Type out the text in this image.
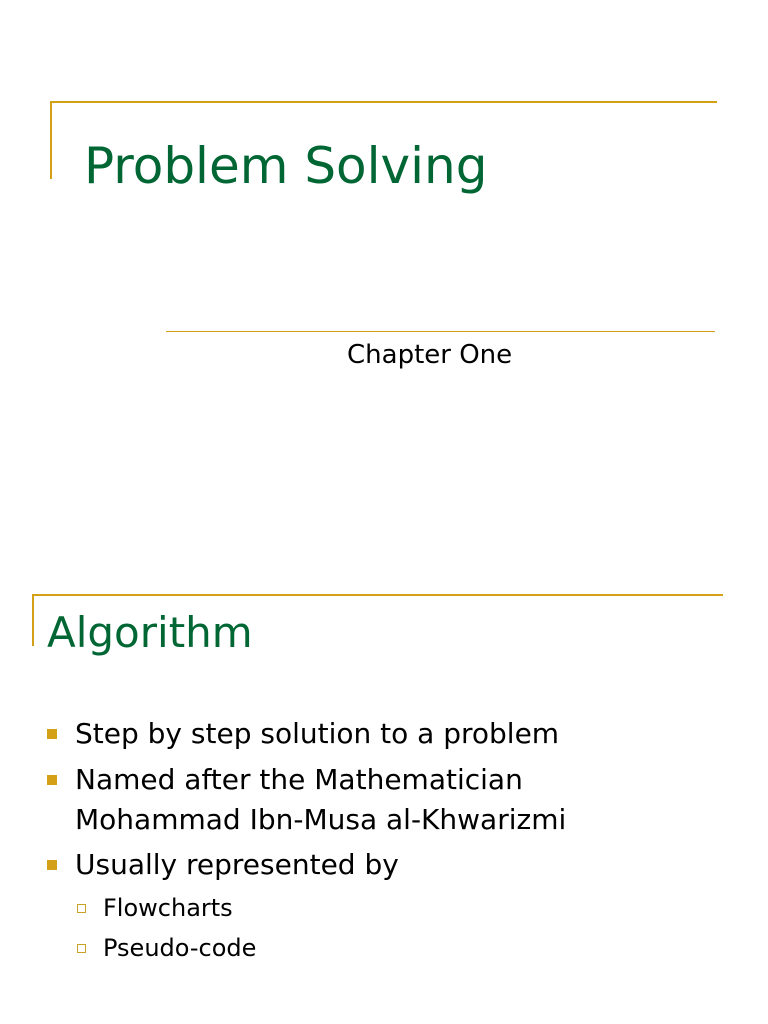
Problem Solving
Chapter One
Algorithm
Step by step solution to a problem
Named after the Mathematician
Mohammad Ibn-Musa al-Khwarizmi
Usually represented by
Flowcharts
Pseudo-code
